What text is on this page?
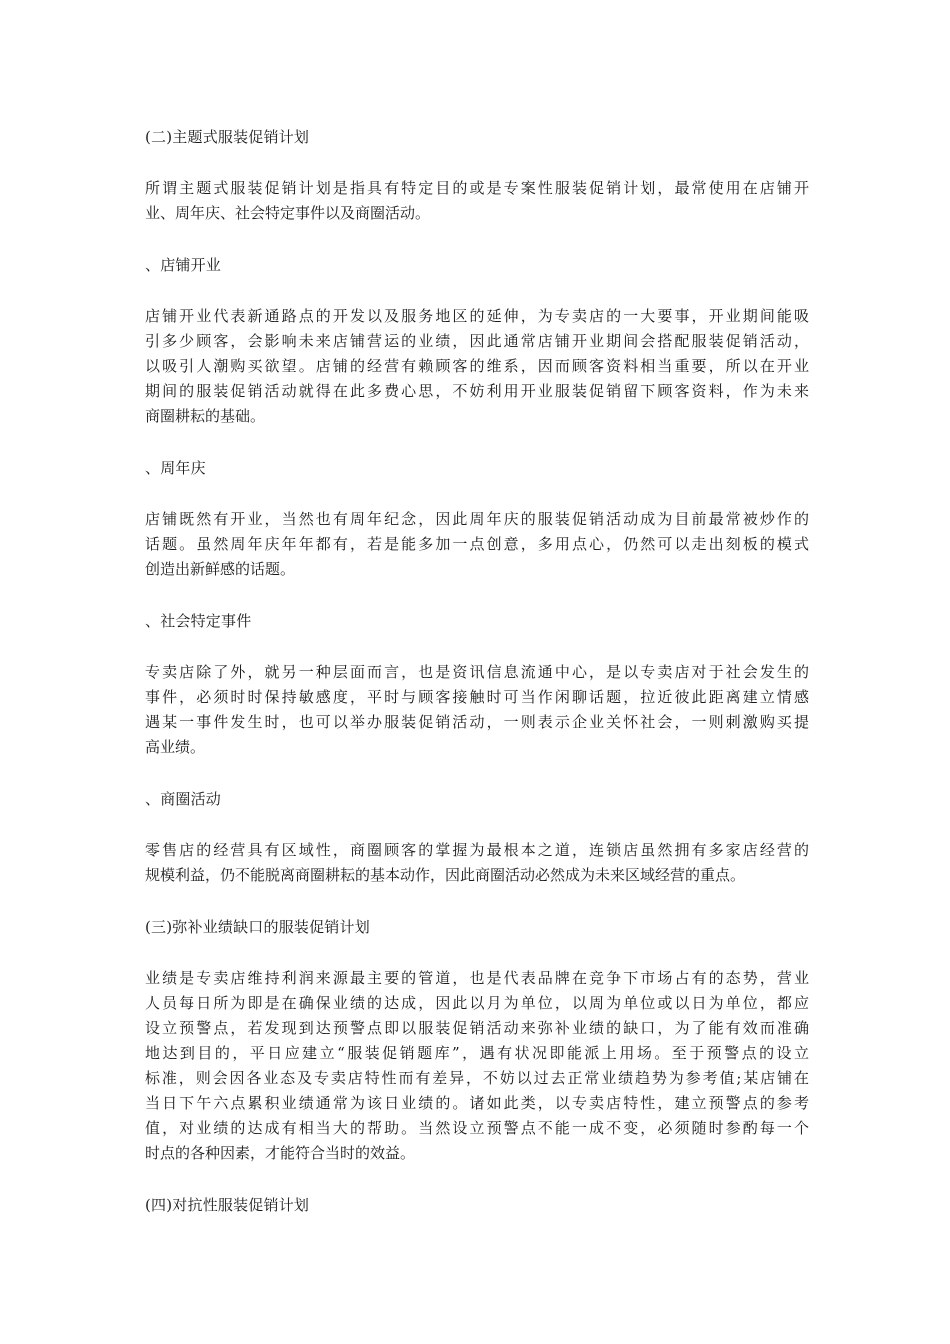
(二)主题式服装促销计划
所谓主题式服装促销计划是指具有特定目的或是专案性服装促销计划，最常使用在店铺开
业、周年庆、社会特定事件以及商圈活动。
、店铺开业
店铺开业代表新通路点的开发以及服务地区的延伸，为专卖店的一大要事，开业期间能吸
引多少顾客，会影响未来店铺营运的业绩，因此通常店铺开业期间会搭配服装促销活动，
以吸引人潮购买欲望。店铺的经营有赖顾客的维系，因而顾客资料相当重要，所以在开业
期间的服装促销活动就得在此多费心思，不妨利用开业服装促销留下顾客资料，作为未来
商圈耕耘的基础。
、周年庆
店铺既然有开业，当然也有周年纪念，因此周年庆的服装促销活动成为目前最常被炒作的
话题。虽然周年庆年年都有，若是能多加一点创意，多用点心，仍然可以走出刻板的模式
创造出新鲜感的话题。
、社会特定事件
专卖店除了外，就另一种层面而言，也是资讯信息流通中心，是以专卖店对于社会发生的
事件，必须时时保持敏感度，平时与顾客接触时可当作闲聊话题，拉近彼此距离建立情感
遇某一事件发生时，也可以举办服装促销活动，一则表示企业关怀社会，一则刺激购买提
高业绩。
、商圈活动
零售店的经营具有区域性，商圈顾客的掌握为最根本之道，连锁店虽然拥有多家店经营的
规模利益，仍不能脱离商圈耕耘的基本动作，因此商圈活动必然成为未来区域经营的重点。
(三)弥补业绩缺口的服装促销计划
业绩是专卖店维持利润来源最主要的管道，也是代表品牌在竞争下市场占有的态势，营业
人员每日所为即是在确保业绩的达成，因此以月为单位，以周为单位或以日为单位，都应
设立预警点，若发现到达预警点即以服装促销活动来弥补业绩的缺口，为了能有效而准确
地达到目的，平日应建立“服装促销题库”，遇有状况即能派上用场。至于预警点的设立
标准，则会因各业态及专卖店特性而有差异，不妨以过去正常业绩趋势为参考值;某店铺在
当日下午六点累积业绩通常为该日业绩的。诸如此类，以专卖店特性，建立预警点的参考
值，对业绩的达成有相当大的帮助。当然设立预警点不能一成不变，必须随时参酌每一个
时点的各种因素，才能符合当时的效益。
(四)对抗性服装促销计划
